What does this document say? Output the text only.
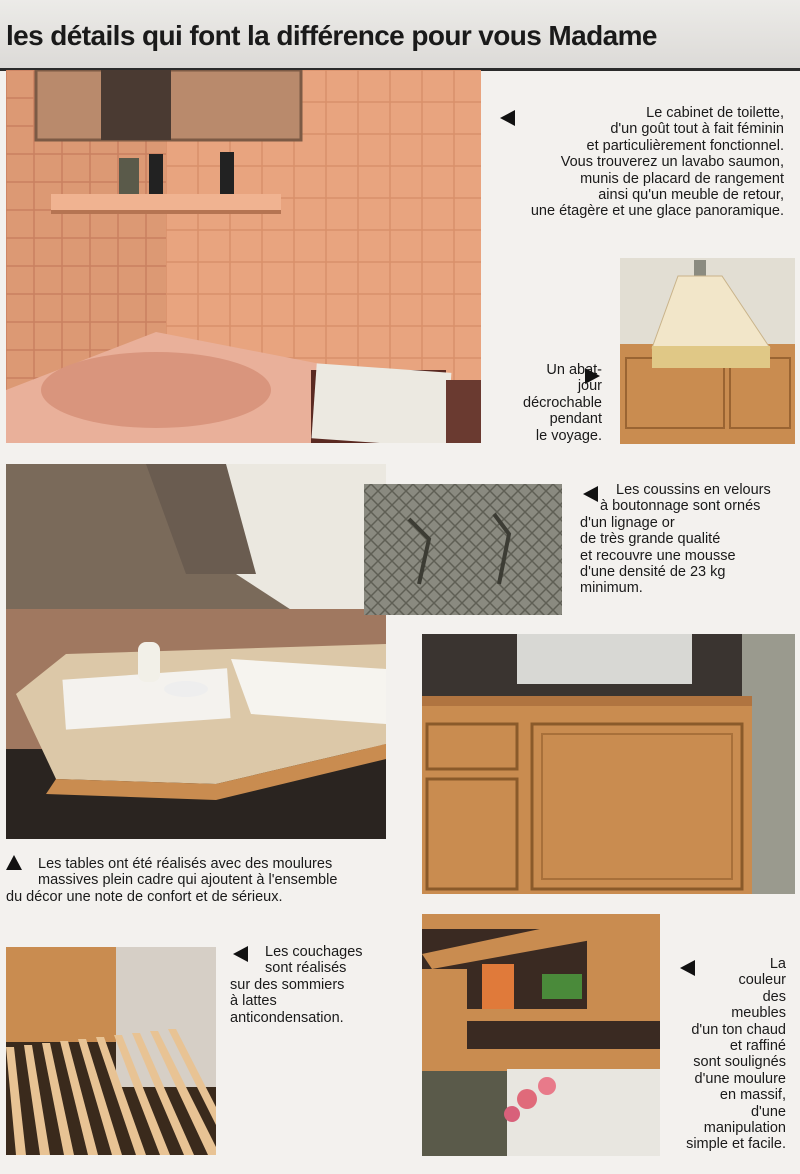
les détails qui font la différence pour vous Madame

Le cabinet de toilette,
d'un goût tout à fait féminin
et particulièrement fonctionnel.
Vous trouverez un lavabo saumon,
munis de placard de rangement
ainsi qu'un meuble de retour,
une étagère et une glace panoramique.

Un abat-
jour
décrochable
pendant
le voyage.

Les coussins en velours
à boutonnage sont ornés
d'un lignage or
de très grande qualité
et recouvre une mousse
d'une densité de 23 kg
minimum.

Les tables ont été réalisés avec des moulures
massives plein cadre qui ajoutent à l'ensemble
du décor une note de confort et de sérieux.

Les couchages
sont réalisés
sur des sommiers
à lattes
anticondensation.

La
couleur
des
meubles
d'un ton chaud
et raffiné
sont soulignés
d'une moulure
en massif,
d'une
manipulation
simple et facile.
